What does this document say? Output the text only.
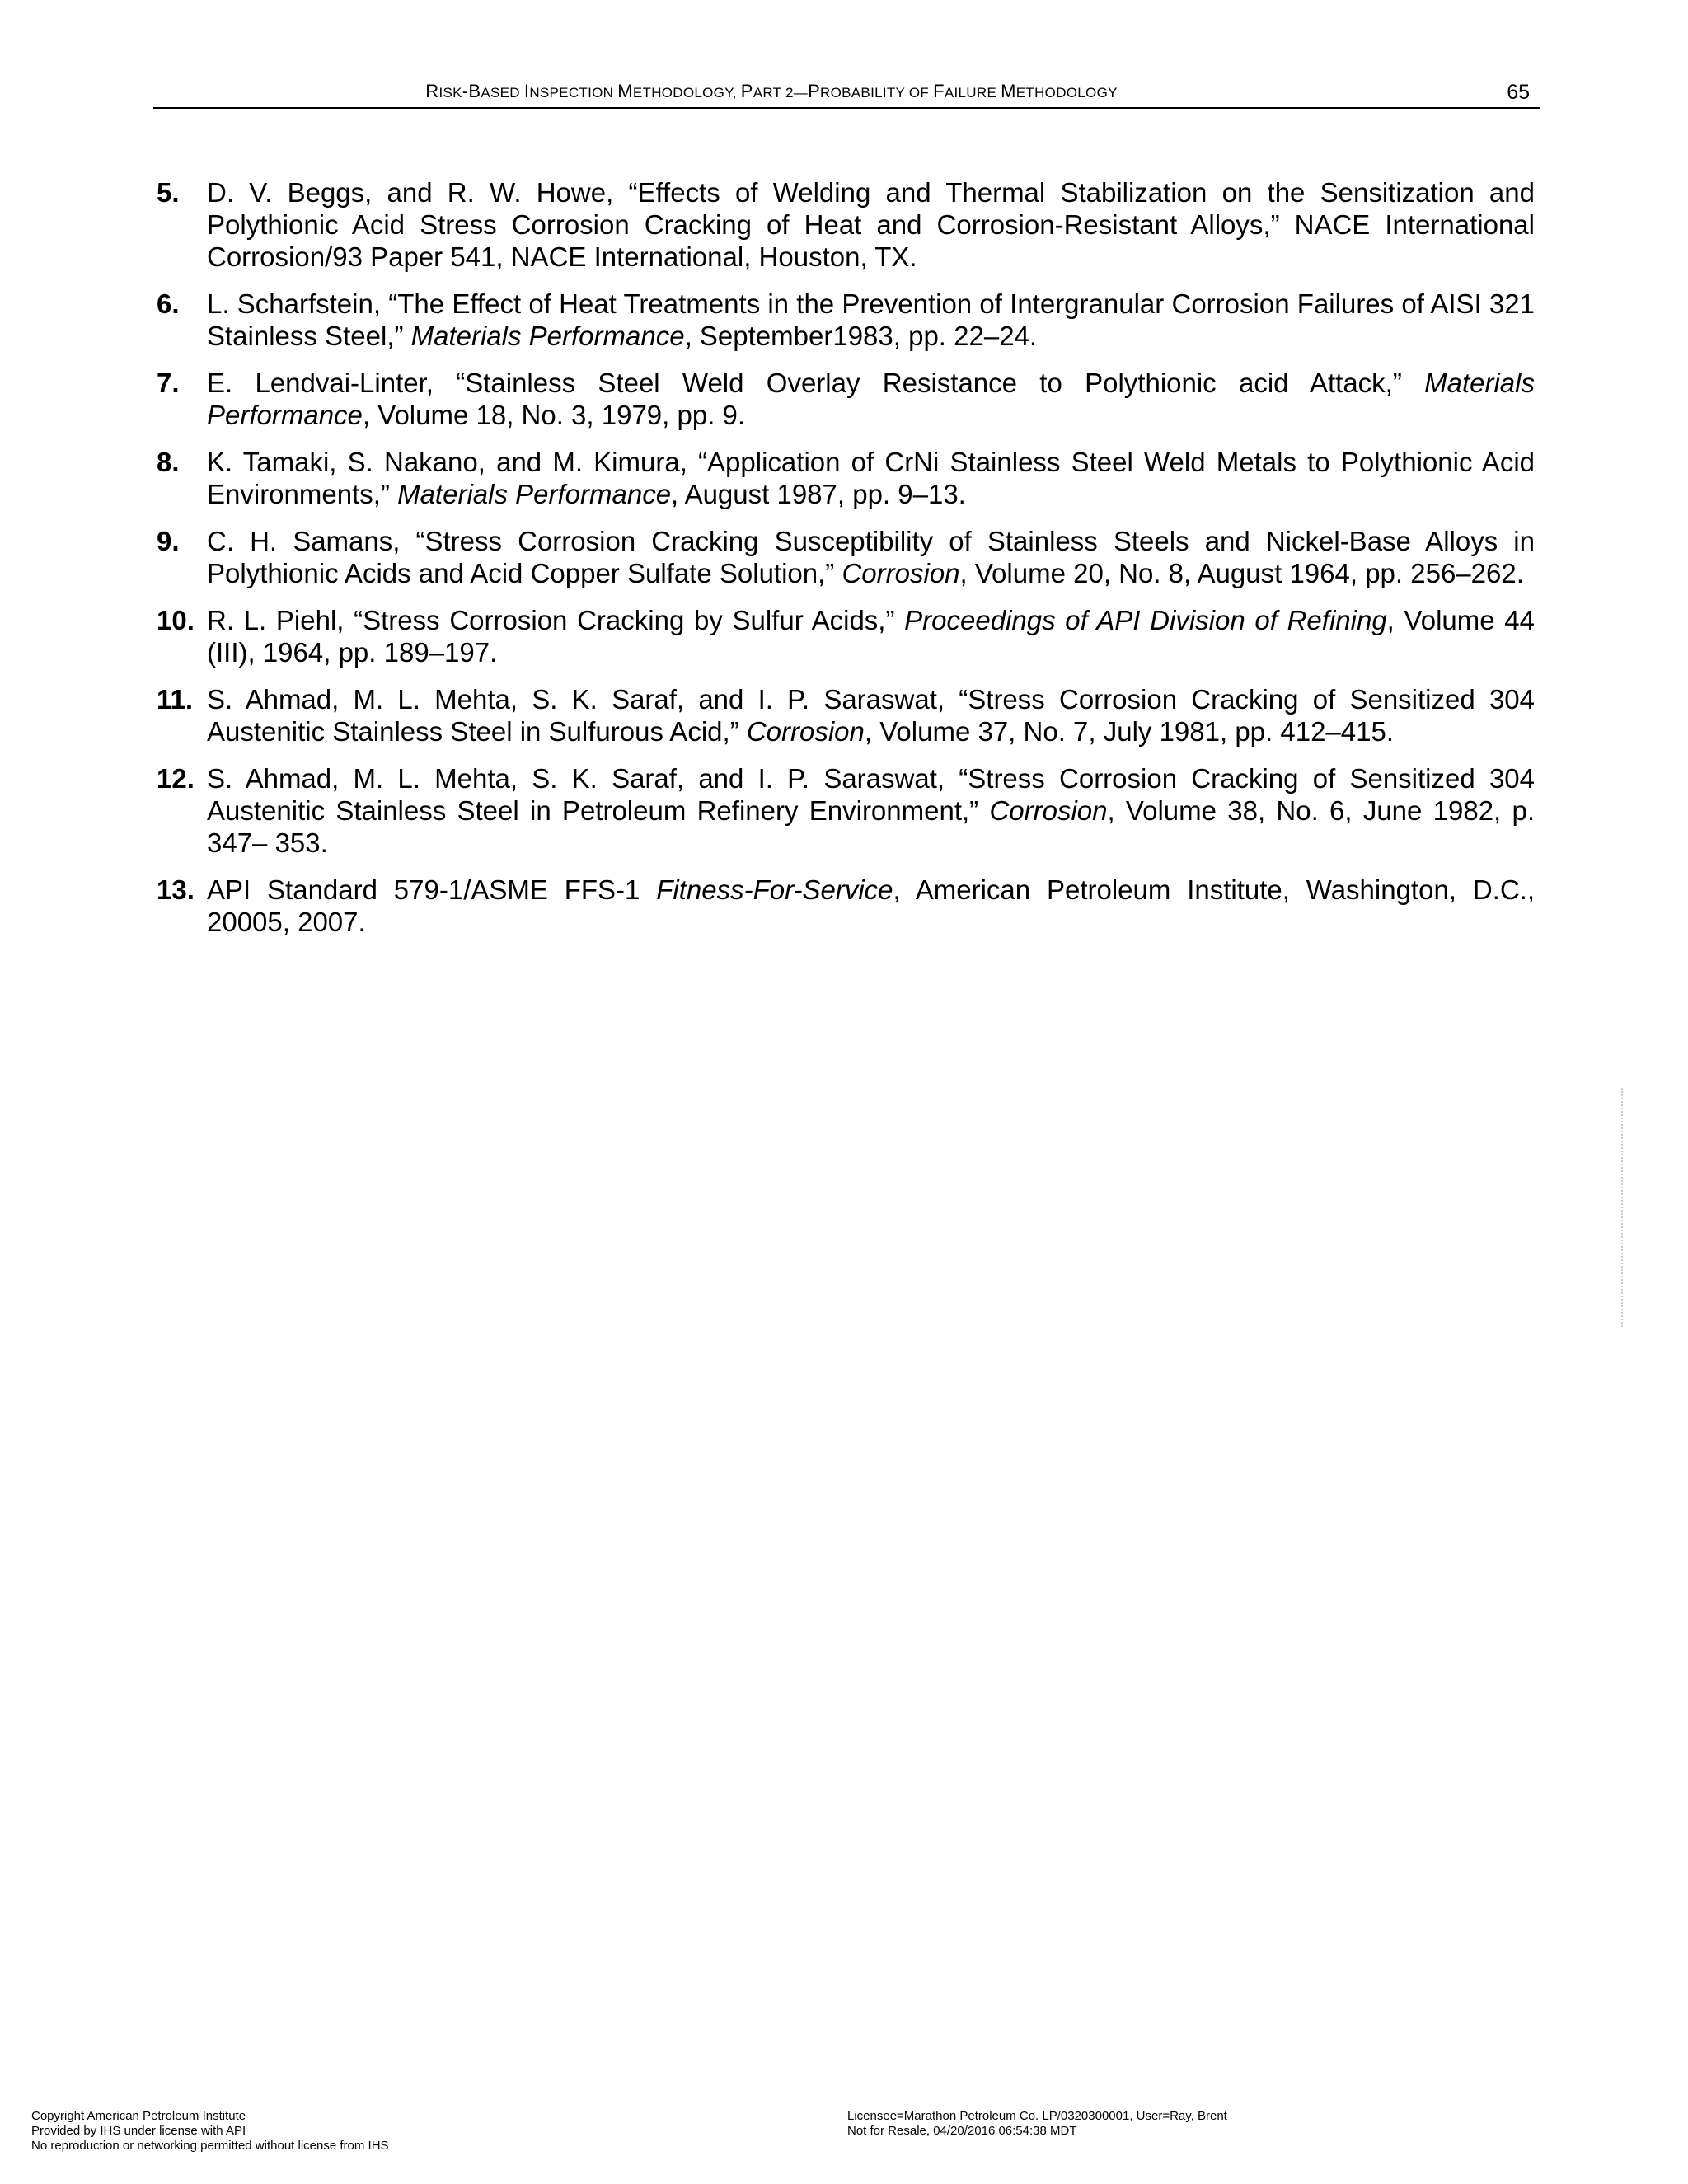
RISK-BASED INSPECTION METHODOLOGY, PART 2—PROBABILITY OF FAILURE METHODOLOGY	65
5.	D. V. Beggs, and R. W. Howe, “Effects of Welding and Thermal Stabilization on the Sensitization and Polythionic Acid Stress Corrosion Cracking of Heat and Corrosion-Resistant Alloys,” NACE International Corrosion/93 Paper 541, NACE International, Houston, TX.
6.	L. Scharfstein, “The Effect of Heat Treatments in the Prevention of Intergranular Corrosion Failures of AISI 321 Stainless Steel,” Materials Performance, September1983, pp. 22–24.
7.	E. Lendvai-Linter, “Stainless Steel Weld Overlay Resistance to Polythionic acid Attack,” Materials Performance, Volume 18, No. 3, 1979, pp. 9.
8.	K. Tamaki, S. Nakano, and M. Kimura, “Application of CrNi Stainless Steel Weld Metals to Polythionic Acid Environments,” Materials Performance, August 1987, pp. 9–13.
9.	C. H. Samans, “Stress Corrosion Cracking Susceptibility of Stainless Steels and Nickel-Base Alloys in Polythionic Acids and Acid Copper Sulfate Solution,” Corrosion, Volume 20, No. 8, August 1964, pp. 256–262.
10. R. L. Piehl, “Stress Corrosion Cracking by Sulfur Acids,” Proceedings of API Division of Refining, Volume 44 (III), 1964, pp. 189–197.
11. S. Ahmad, M. L. Mehta, S. K. Saraf, and I. P. Saraswat, “Stress Corrosion Cracking of Sensitized 304 Austenitic Stainless Steel in Sulfurous Acid,” Corrosion, Volume 37, No. 7, July 1981, pp. 412–415.
12. S. Ahmad, M. L. Mehta, S. K. Saraf, and I. P. Saraswat, “Stress Corrosion Cracking of Sensitized 304 Austenitic Stainless Steel in Petroleum Refinery Environment,” Corrosion, Volume 38, No. 6, June 1982, p. 347– 353.
13. API Standard 579-1/ASME FFS-1 Fitness-For-Service, American Petroleum Institute, Washington, D.C., 20005, 2007.
Copyright American Petroleum Institute
Provided by IHS under license with API
No reproduction or networking permitted without license from IHS
Licensee=Marathon Petroleum Co. LP/0320300001, User=Ray, Brent
Not for Resale, 04/20/2016 06:54:38 MDT
